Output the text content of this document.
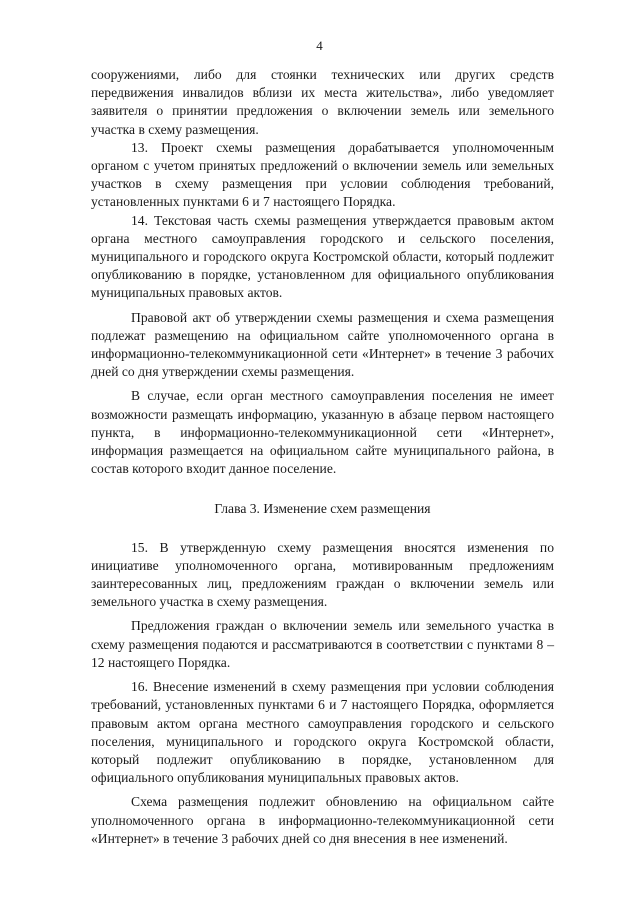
4

сооружениями, либо для стоянки технических или других средств передвижения инвалидов вблизи их места жительства», либо уведомляет заявителя о принятии предложения о включении земель или земельного участка в схему размещения.

13. Проект схемы размещения дорабатывается уполномоченным органом с учетом принятых предложений о включении земель или земельных участков в схему размещения при условии соблюдения требований, установленных пунктами 6 и 7 настоящего Порядка.

14. Текстовая часть схемы размещения утверждается правовым актом органа местного самоуправления городского и сельского поселения, муниципального и городского округа Костромской области, который подлежит опубликованию в порядке, установленном для официального опубликования муниципальных правовых актов.

Правовой акт об утверждении схемы размещения и схема размещения подлежат размещению на официальном сайте уполномоченного органа в информационно-телекоммуникационной сети «Интернет» в течение 3 рабочих дней со дня утверждении схемы размещения.

В случае, если орган местного самоуправления поселения не имеет возможности размещать информацию, указанную в абзаце первом настоящего пункта, в информационно-телекоммуникационной сети «Интернет», информация размещается на официальном сайте муниципального района, в состав которого входит данное поселение.

Глава 3. Изменение схем размещения

15. В утвержденную схему размещения вносятся изменения по инициативе уполномоченного органа, мотивированным предложениям заинтересованных лиц, предложениям граждан о включении земель или земельного участка в схему размещения.

Предложения граждан о включении земель или земельного участка в схему размещения подаются и рассматриваются в соответствии с пунктами 8 – 12 настоящего Порядка.

16. Внесение изменений в схему размещения при условии соблюдения требований, установленных пунктами 6 и 7 настоящего Порядка, оформляется правовым актом органа местного самоуправления городского и сельского поселения, муниципального и городского округа Костромской области, который подлежит опубликованию в порядке, установленном для официального опубликования муниципальных правовых актов.

Схема размещения подлежит обновлению на официальном сайте уполномоченного органа в информационно-телекоммуникационной сети «Интернет» в течение 3 рабочих дней со дня внесения в нее изменений.
